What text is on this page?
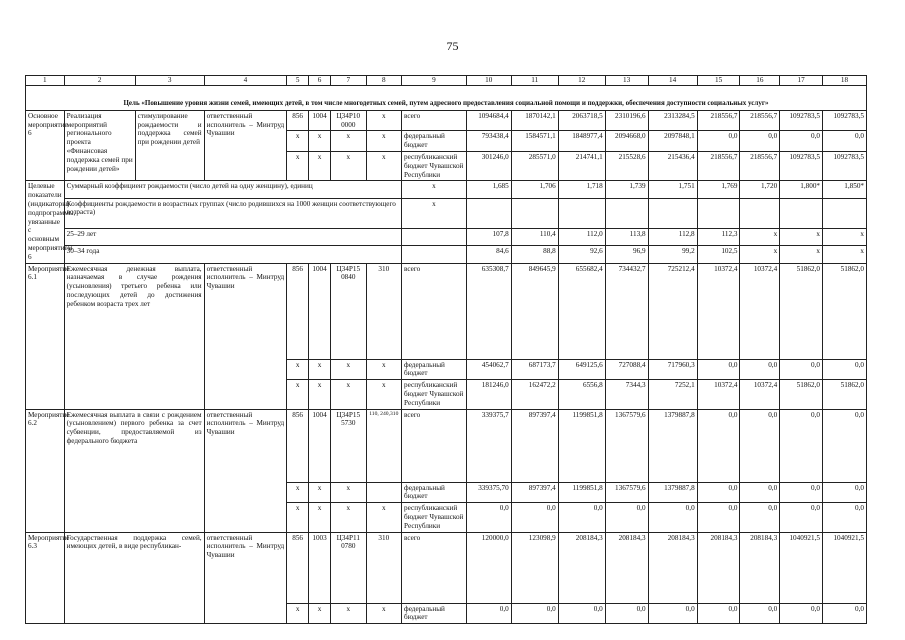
75
1	2	3	4	5	6	7	8	9	10	11	12	13	14	15	16	17	18
Цель «Повышение уровня жизни семей, имеющих детей, в том числе многодетных семей, путем адресного предоставления социальной помощи и поддержки, обеспечения доступности социальных услуг»																	
Основное мероприятие 6	Реализация мероприятий регионального проекта «Финансовая поддержка семей при рождении детей»	стимулирование рождаемости и поддержка семей при рождении детей	ответственный исполнитель – Минтруд Чувашии	856	1004	Ц34Р10 0000	x	всего	1094684,4	1870142,1	2063718,5	2310196,6	2313284,5	218556,7	218556,7	1092783,5	1092783,5
				x	x	x	x	федеральный бюджет	793438,4	1584571,1	1848977,4	2094668,0	2097848,1	0,0	0,0	0,0	0,0
				x	x	x	x	республиканский бюджет Чувашской Республики	301246,0	285571,0	214741,1	215528,6	215436,4	218556,7	218556,7	1092783,5	1092783,5
Целевые показатели (индикаторы) подпрограммы, увязанные с основным мероприятием 6	Суммарный коэффициент рождаемости (число детей на одну женщину), единиц							x	1,685	1,706	1,718	1,739	1,751	1,769	1,720	1,800*	1,850*
	Коэффициенты рождаемости в возрастных группах (число родившихся на 1000 женщин соответствующего возраста)							x									
	25–29 лет								107,8	110,4	112,0	113,8	112,8	112,3	x	x	x
	30–34 года								84,6	88,8	92,6	96,9	99,2	102,5	x	x	x
Мероприятие 6.1	Ежемесячная денежная выплата, назначаемая в случае рождения (усыновления) третьего ребенка или последующих детей до достижения ребенком возраста трех лет		ответственный исполнитель – Минтруд Чувашии	856	1004	Ц34Р15 0840	310	всего	635308,7	849645,9	655682,4	734432,7	725212,4	10372,4	10372,4	51862,0	51862,0
				x	x	x	x	федеральный бюджет	454062,7	687173,7	649125,6	727088,4	717960,3	0,0	0,0	0,0	0,0
				x	x	x	x	республиканский бюджет Чувашской Республики	181246,0	162472,2	6556,8	7344,3	7252,1	10372,4	10372,4	51862,0	51862,0
Мероприятие 6.2	Ежемесячная выплата в связи с рождением (усыновлением) первого ребенка за счет субвенции, предоставляемой из федерального бюджета		ответственный исполнитель – Минтруд Чувашии	856	1004	Ц34Р15 5730	110, 240,310	всего	339375,7	897397,4	1199851,8	1367579,6	1379887,8	0,0	0,0	0,0	0,0
				x	x	x		федеральный бюджет	339375,70	897397,4	1199851,8	1367579,6	1379887,8	0,0	0,0	0,0	0,0
				x	x	x	x	республиканский бюджет Чувашской Республики	0,0	0,0	0,0	0,0	0,0	0,0	0,0	0,0	0,0
Мероприятие 6.3	Государственная поддержка семей, имеющих детей, в виде республикан-		ответственный исполнитель – Минтруд Чувашии	856	1003	Ц34Р11 0780	310	всего	120000,0	123098,9	208184,3	208184,3	208184,3	208184,3	208184,3	1040921,5	1040921,5
				x	x	x	x	федеральный бюджет	0,0	0,0	0,0	0,0	0,0	0,0	0,0	0,0	0,0
